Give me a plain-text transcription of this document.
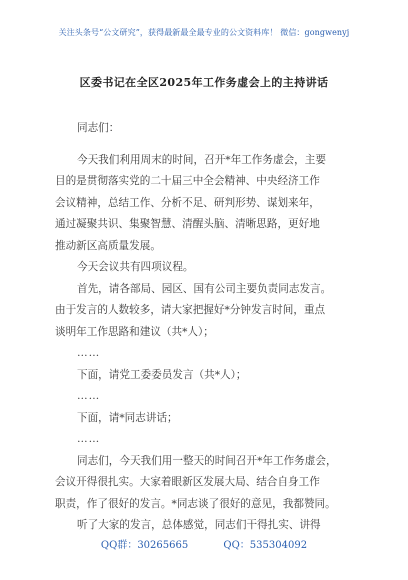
关注头条号“公文研究”，获得最新最全最专业的公文资料库！ 微信：gongwenyj
区委书记在全区2025年工作务虚会上的主持讲话
同志们：
今天我们利用周末的时间，召开*年工作务虚会，主要
目的是贯彻落实党的二十届三中全会精神、中央经济工作
会议精神，总结工作、分析不足、研判形势、谋划来年，
通过凝聚共识、集聚智慧、清醒头脑、清晰思路，更好地
推动新区高质量发展。
今天会议共有四项议程。
首先，请各部局、园区、国有公司主要负责同志发言。
由于发言的人数较多，请大家把握好*分钟发言时间，重点
谈明年工作思路和建议（共*人）；
……
下面，请党工委委员发言（共*人）；
……
下面，请*同志讲话；
……
同志们，今天我们用一整天的时间召开*年工作务虚会，
会议开得很扎实。大家着眼新区发展大局、结合自身工作
职责，作了很好的发言。*同志谈了很好的意见，我都赞同。
听了大家的发言，总体感觉，同志们干得扎实、讲得
QQ群：30265665	QQ：535304092
